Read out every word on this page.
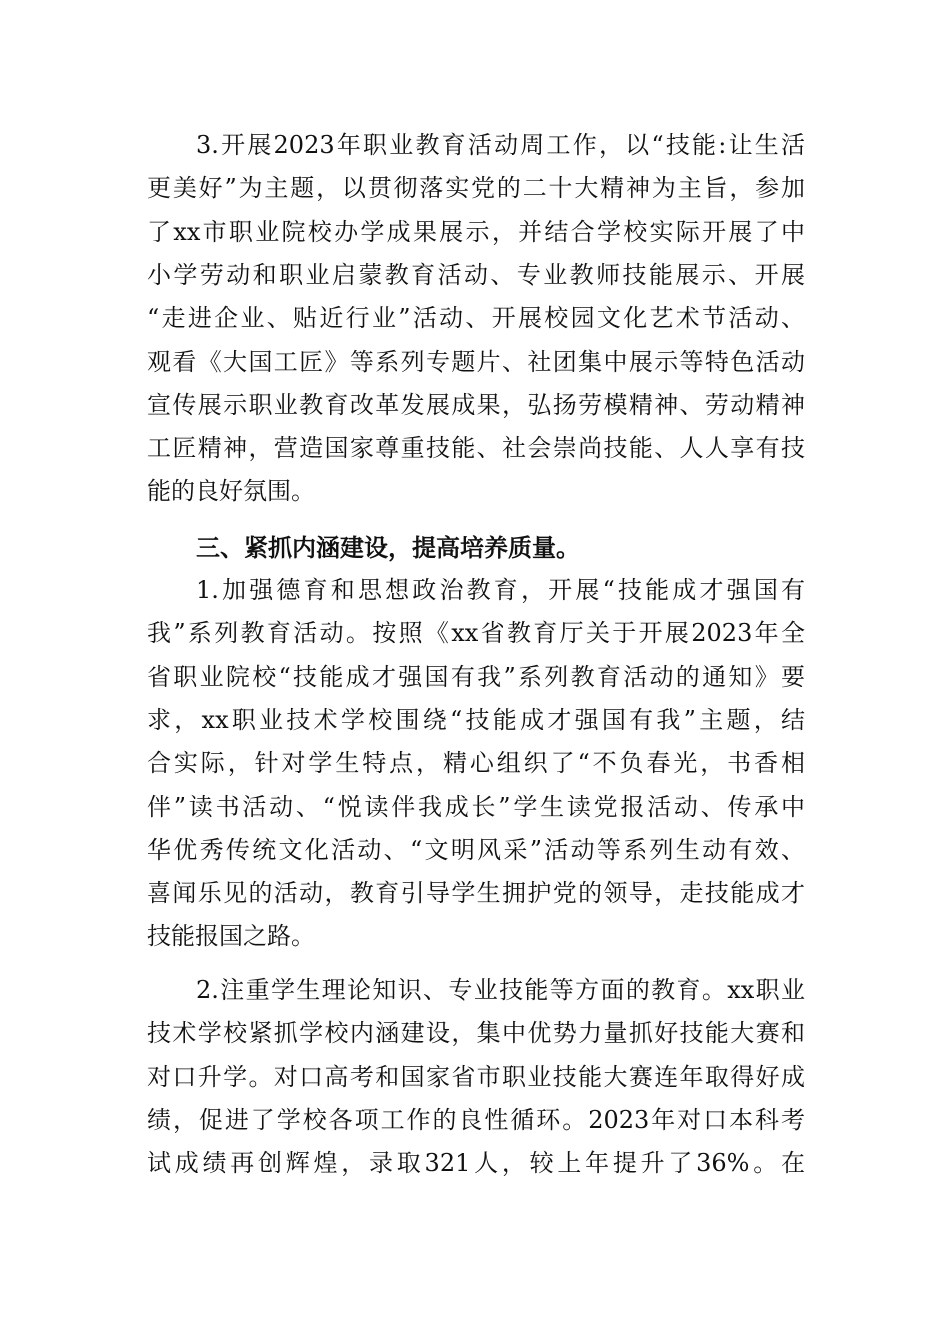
3.开展2023年职业教育活动周工作，以“技能:让生活
更美好”为主题，以贯彻落实党的二十大精神为主旨，参加
了xx市职业院校办学成果展示，并结合学校实际开展了中
小学劳动和职业启蒙教育活动、专业教师技能展示、开展
“走进企业、贴近行业”活动、开展校园文化艺术节活动、
观看《大国工匠》等系列专题片、社团集中展示等特色活动
宣传展示职业教育改革发展成果，弘扬劳模精神、劳动精神
工匠精神，营造国家尊重技能、社会崇尚技能、人人享有技
能的良好氛围。
三、紧抓内涵建设，提高培养质量。
1.加强德育和思想政治教育，开展“技能成才强国有
我”系列教育活动。按照《xx省教育厅关于开展2023年全
省职业院校“技能成才强国有我”系列教育活动的通知》要
求，xx职业技术学校围绕“技能成才强国有我”主题，结
合实际，针对学生特点，精心组织了“不负春光，书香相
伴”读书活动、“悦读伴我成长”学生读党报活动、传承中
华优秀传统文化活动、“文明风采”活动等系列生动有效、
喜闻乐见的活动，教育引导学生拥护党的领导，走技能成才
技能报国之路。
2.注重学生理论知识、专业技能等方面的教育。xx职业
技术学校紧抓学校内涵建设，集中优势力量抓好技能大赛和
对口升学。对口高考和国家省市职业技能大赛连年取得好成
绩，促进了学校各项工作的良性循环。2023年对口本科考
试成绩再创辉煌，录取321人，较上年提升了36%。在
